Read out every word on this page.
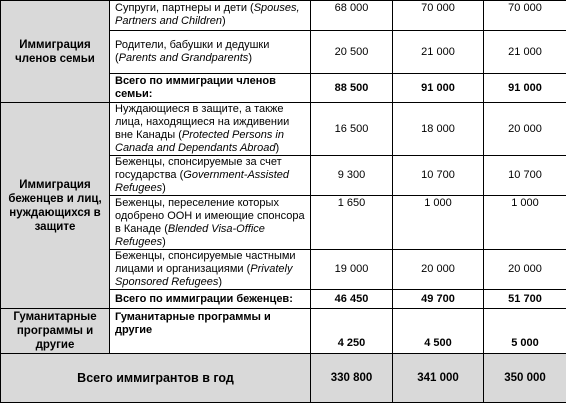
Иммиграция членов семьи	Супруги, партнеры и дети (Spouses, Partners and Children)	68 000	70 000	70 000
	Родители, бабушки и дедушки (Parents and Grandparents)	20 500	21 000	21 000
	Всего по иммиграции членов семьи:	88 500	91 000	91 000
Иммиграция беженцев и лиц, нуждающихся в защите	Нуждающиеся в защите, а также лица, находящиеся на иждивении вне Канады (Protected Persons in Canada and Dependants Abroad)	16 500	18 000	20 000
	Беженцы, спонсируемые за счет государства (Government-Assisted Refugees)	9 300	10 700	10 700
	Беженцы, переселение которых одобрено ООН и имеющие спонсора в Канаде (Blended Visa-Office Refugees)	1 650	1 000	1 000
	Беженцы, спонсируемые частными лицами и организациями (Privately Sponsored Refugees)	19 000	20 000	20 000
	Всего по иммиграции беженцев:	46 450	49 700	51 700
Гуманитарные программы и другие	Гуманитарные программы и другие	4 250	4 500	5 000
Всего иммигрантов в год		330 800	341 000	350 000
